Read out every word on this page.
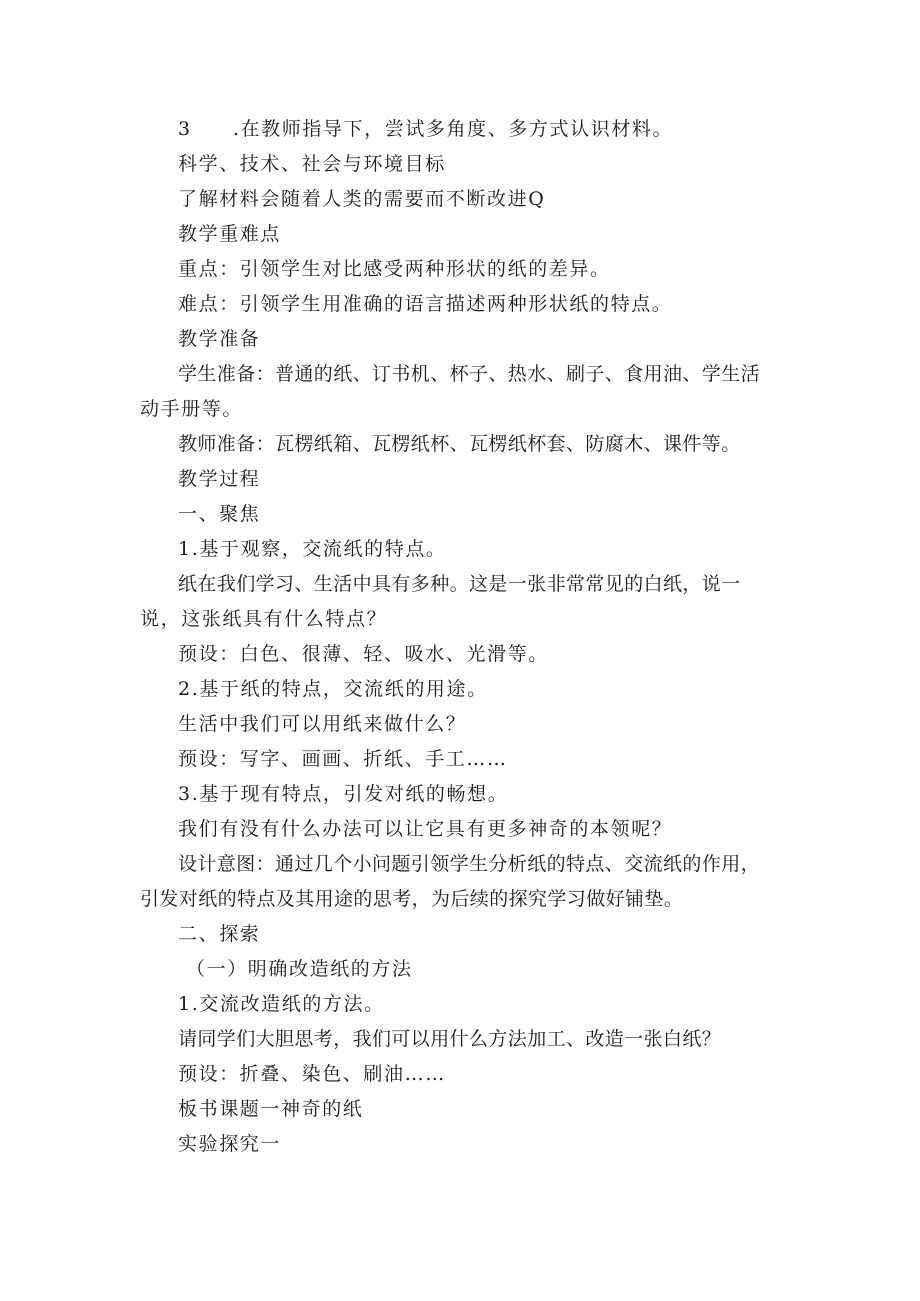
3　　.在教师指导下，尝试多角度、多方式认识材料。
科学、技术、社会与环境目标
了解材料会随着人类的需要而不断改进Q
教学重难点
重点：引领学生对比感受两种形状的纸的差异。
难点：引领学生用准确的语言描述两种形状纸的特点。
教学准备
学生准备：普通的纸、订书机、杯子、热水、刷子、食用油、学生活
动手册等。
教师准备：瓦楞纸箱、瓦楞纸杯、瓦楞纸杯套、防腐木、课件等。
教学过程
一、聚焦
1.基于观察，交流纸的特点。
纸在我们学习、生活中具有多种。这是一张非常常见的白纸，说一
说，这张纸具有什么特点？
预设：白色、很薄、轻、吸水、光滑等。
2.基于纸的特点，交流纸的用途。
生活中我们可以用纸来做什么？
预设：写字、画画、折纸、手工……
3.基于现有特点，引发对纸的畅想。
我们有没有什么办法可以让它具有更多神奇的本领呢？
设计意图：通过几个小问题引领学生分析纸的特点、交流纸的作用，
引发对纸的特点及其用途的思考，为后续的探究学习做好铺垫。
二、探索
（一）明确改造纸的方法
1.交流改造纸的方法。
请同学们大胆思考，我们可以用什么方法加工、改造一张白纸？
预设：折叠、染色、刷油……
板书课题一神奇的纸
实验探究一
